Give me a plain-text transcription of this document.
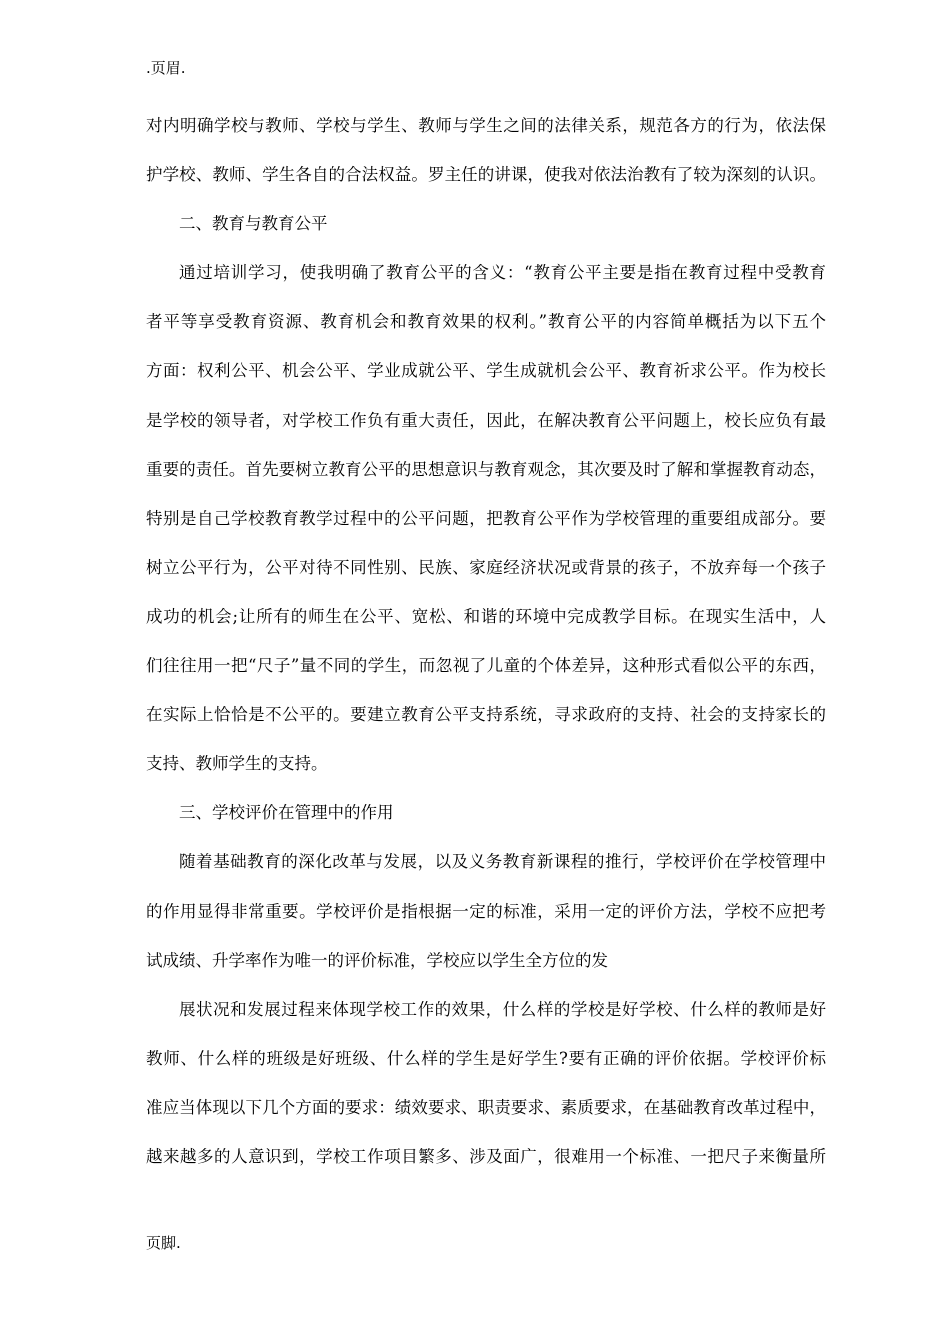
.页眉.
对内明确学校与教师、学校与学生、教师与学生之间的法律关系，规范各方的行为，依法保
护学校、教师、学生各自的合法权益。罗主任的讲课，使我对依法治教有了较为深刻的认识。
二、教育与教育公平
通过培训学习，使我明确了教育公平的含义：“教育公平主要是指在教育过程中受教育
者平等享受教育资源、教育机会和教育效果的权利。”教育公平的内容简单概括为以下五个
方面：权利公平、机会公平、学业成就公平、学生成就机会公平、教育祈求公平。作为校长
是学校的领导者，对学校工作负有重大责任，因此，在解决教育公平问题上，校长应负有最
重要的责任。首先要树立教育公平的思想意识与教育观念，其次要及时了解和掌握教育动态，
特别是自己学校教育教学过程中的公平问题，把教育公平作为学校管理的重要组成部分。要
树立公平行为，公平对待不同性别、民族、家庭经济状况或背景的孩子，不放弃每一个孩子
成功的机会;让所有的师生在公平、宽松、和谐的环境中完成教学目标。在现实生活中，人
们往往用一把“尺子”量不同的学生，而忽视了儿童的个体差异，这种形式看似公平的东西，
在实际上恰恰是不公平的。要建立教育公平支持系统，寻求政府的支持、社会的支持家长的
支持、教师学生的支持。
三、学校评价在管理中的作用
随着基础教育的深化改革与发展，以及义务教育新课程的推行，学校评价在学校管理中
的作用显得非常重要。学校评价是指根据一定的标准，采用一定的评价方法，学校不应把考
试成绩、升学率作为唯一的评价标准，学校应以学生全方位的发
展状况和发展过程来体现学校工作的效果，什么样的学校是好学校、什么样的教师是好
教师、什么样的班级是好班级、什么样的学生是好学生?要有正确的评价依据。学校评价标
准应当体现以下几个方面的要求：绩效要求、职责要求、素质要求，在基础教育改革过程中，
越来越多的人意识到，学校工作项目繁多、涉及面广，很难用一个标准、一把尺子来衡量所
页脚.
